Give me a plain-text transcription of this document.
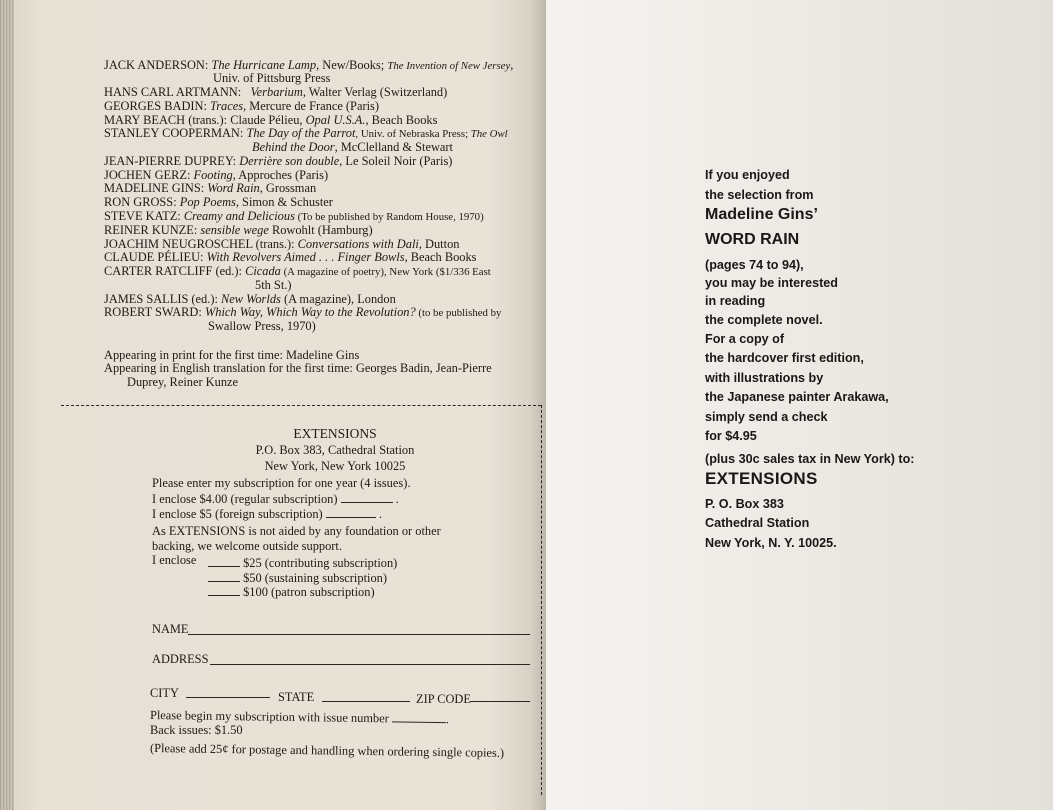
JACK ANDERSON: The Hurricane Lamp, New/Books; The Invention of New Jersey,
Univ. of Pittsburg Press
HANS CARL ARTMANN: Verbarium, Walter Verlag (Switzerland)
GEORGES BADIN: Traces, Mercure de France (Paris)
MARY BEACH (trans.): Claude Pélieu, Opal U.S.A., Beach Books
STANLEY COOPERMAN: The Day of the Parrot, Univ. of Nebraska Press; The Owl
Behind the Door, McClelland & Stewart
JEAN-PIERRE DUPREY: Derrière son double, Le Soleil Noir (Paris)
JOCHEN GERZ: Footing, Approches (Paris)
MADELINE GINS: Word Rain, Grossman
RON GROSS: Pop Poems, Simon & Schuster
STEVE KATZ: Creamy and Delicious (To be published by Random House, 1970)
REINER KUNZE: sensible wege Rowohlt (Hamburg)
JOACHIM NEUGROSCHEL (trans.): Conversations with Dali, Dutton
CLAUDE PÉLIEU: With Revolvers Aimed . . . Finger Bowls, Beach Books
CARTER RATCLIFF (ed.): Cicada (A magazine of poetry), New York ($1/336 East
5th St.)
JAMES SALLIS (ed.): New Worlds (A magazine), London
ROBERT SWARD: Which Way, Which Way to the Revolution? (to be published by
Swallow Press, 1970)
Appearing in print for the first time: Madeline Gins
Appearing in English translation for the first time: Georges Badin, Jean-Pierre
Duprey, Reiner Kunze
EXTENSIONS
P.O. Box 383, Cathedral Station
New York, New York 10025
Please enter my subscription for one year (4 issues).
I enclose $4.00 (regular subscription)	.
I enclose $5 (foreign subscription)	.
As EXTENSIONS is not aided by any foundation or other
backing, we welcome outside support.
I enclose	$25 (contributing subscription)
$50 (sustaining subscription)
$100 (patron subscription)
NAME
ADDRESS
CITY	STATE	ZIP CODE
Please begin my subscription with issue number	.
Back issues: $1.50
(Please add 25¢ for postage and handling when ordering single copies.)
If you enjoyed
the selection from
Madeline Gins’
WORD RAIN
(pages 74 to 94),
you may be interested
in reading
the complete novel.
For a copy of
the hardcover first edition,
with illustrations by
the Japanese painter Arakawa,
simply send a check
for $4.95
(plus 30c sales tax in New York) to:
EXTENSIONS
P. O. Box 383
Cathedral Station
New York, N. Y. 10025.
